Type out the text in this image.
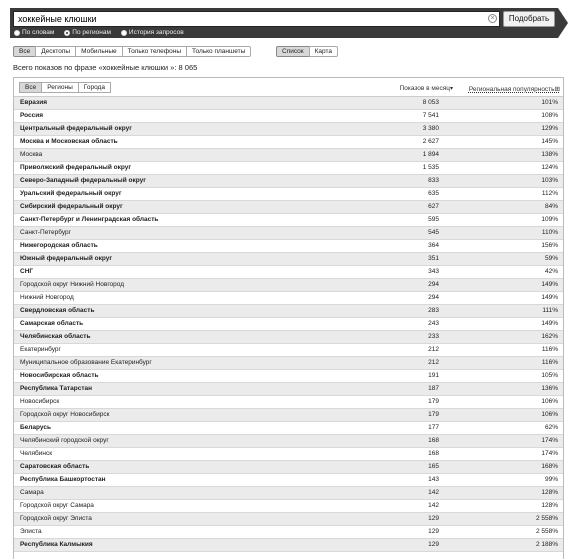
хоккейные клюшки
×	Подобрать
По словам	По регионам	История запросов
Все	Десктопы	Мобильные	Только телефоны	Только планшеты	Список	Карта
Всего показов по фразе «хоккейные клюшки »: 8 065
Все	Регионы	Города	Показов в месяц▾ Региональная популярность⊞
Евразия	8 053	101%
Россия	7 541	108%
Центральный федеральный округ	3 380	129%
Москва и Московская область	2 627	145%
Москва	1 894	138%
Приволжский федеральный округ	1 535	124%
Северо-Западный федеральный округ	833	103%
Уральский федеральный округ	635	112%
Сибирский федеральный округ	627	84%
Санкт-Петербург и Ленинградская область	595	109%
Санкт-Петербург	545	110%
Нижегородская область	364	156%
Южный федеральный округ	351	59%
СНГ	343	42%
Городской округ Нижний Новгород	294	149%
Нижний Новгород	294	149%
Свердловская область	283	111%
Самарская область	243	149%
Челябинская область	233	162%
Екатеринбург	212	116%
Муниципальное образование Екатеринбург	212	116%
Новосибирская область	191	105%
Республика Татарстан	187	136%
Новосибирск	179	106%
Городской округ Новосибирск	179	106%
Беларусь	177	62%
Челябинский городской округ	168	174%
Челябинск	168	174%
Саратовская область	165	168%
Республика Башкортостан	143	99%
Самара	142	128%
Городской округ Самара	142	128%
Городской округ Элиста	129	2 558%
Элиста	129	2 558%
Республика Калмыкия	129	2 188%
